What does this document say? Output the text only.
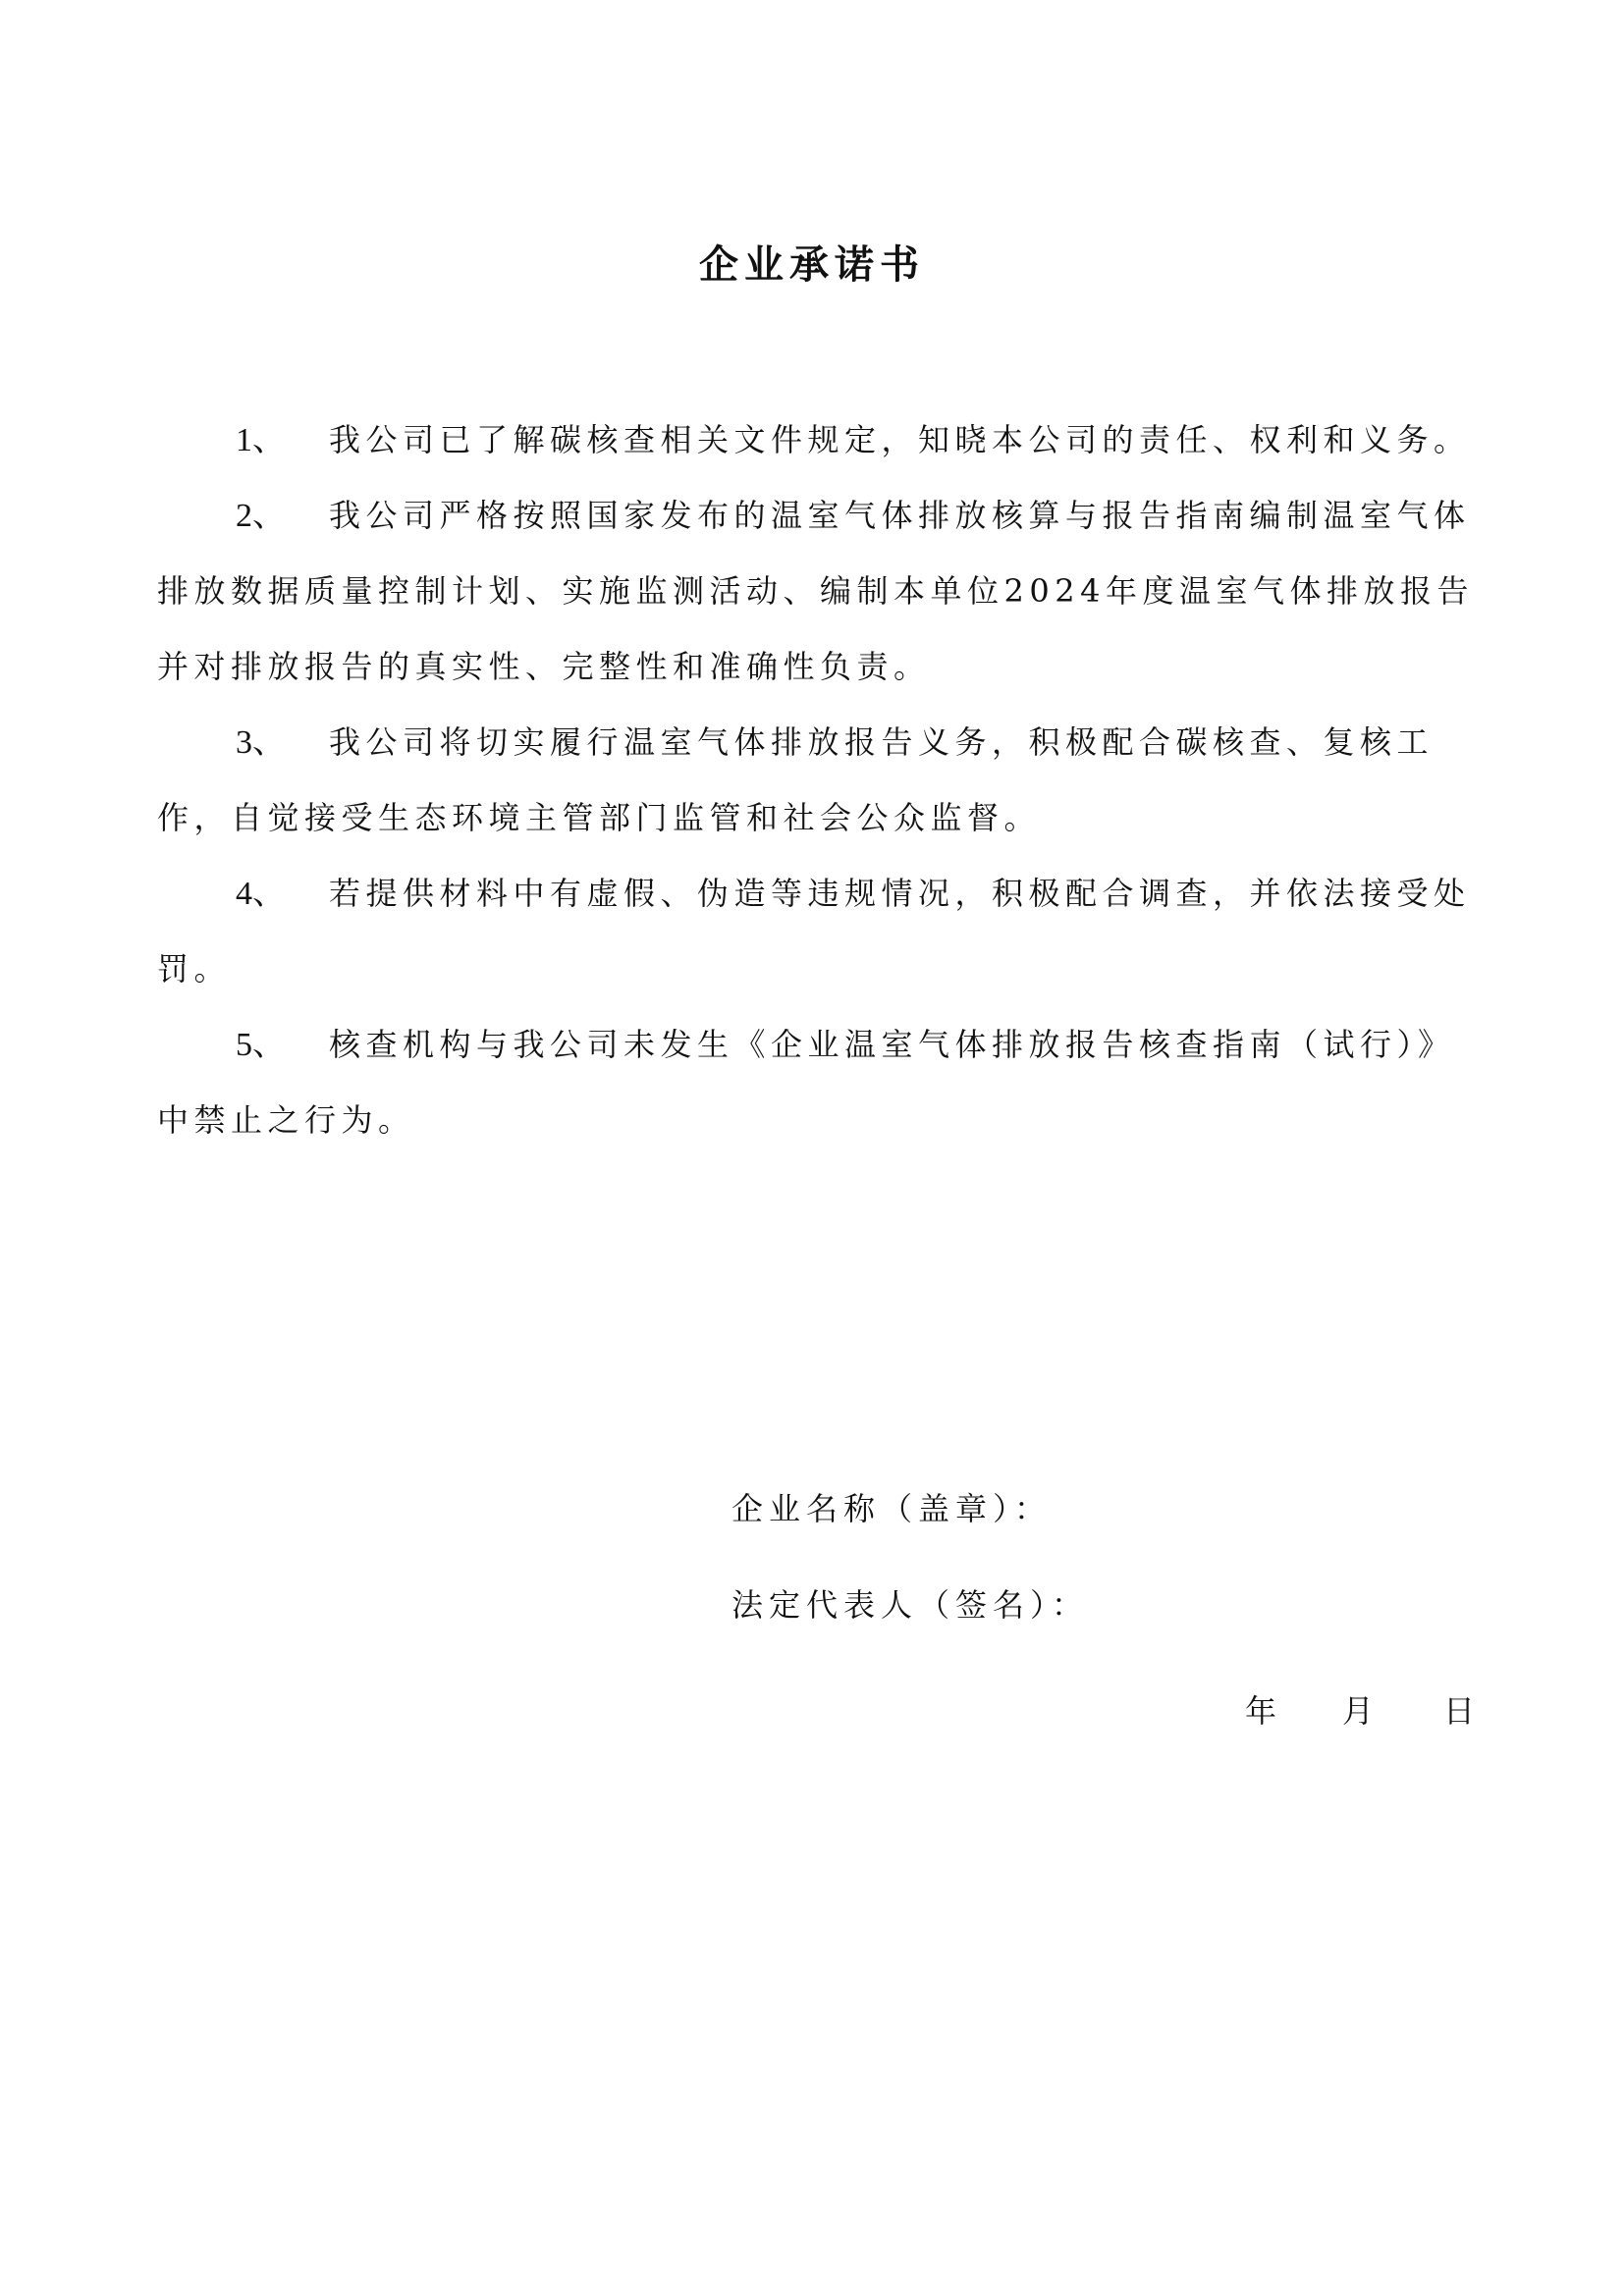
企业承诺书

1、 我公司已了解碳核查相关文件规定，知晓本公司的责任、权利和义务。

2、 我公司严格按照国家发布的温室气体排放核算与报告指南编制温室气体排放数据质量控制计划、实施监测活动、编制本单位2024年度温室气体排放报告并对排放报告的真实性、完整性和准确性负责。

3、 我公司将切实履行温室气体排放报告义务，积极配合碳核查、复核工作，自觉接受生态环境主管部门监管和社会公众监督。

4、 若提供材料中有虚假、伪造等违规情况，积极配合调查，并依法接受处罚。

5、 核查机构与我公司未发生《企业温室气体排放报告核查指南（试行）》中禁止之行为。

企业名称（盖章）：
法定代表人（签名）：
年 月 日
